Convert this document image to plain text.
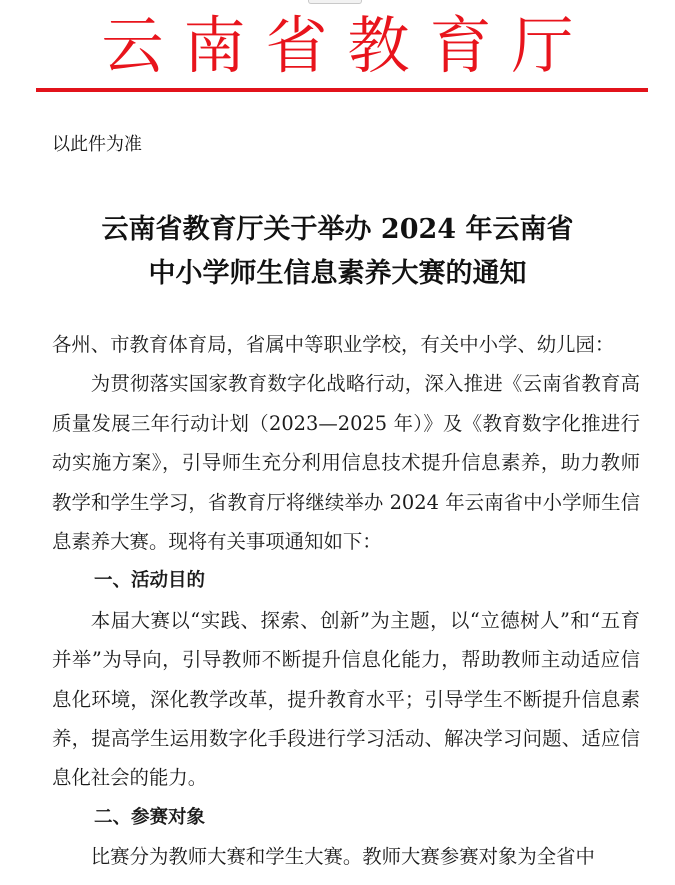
云南省教育厅
以此件为准
云南省教育厅关于举办 2024 年云南省
中小学师生信息素养大赛的通知

各州、市教育体育局，省属中等职业学校，有关中小学、幼儿园：

为贯彻落实国家教育数字化战略行动，深入推进《云南省教育高质量发展三年行动计划（2023—2025 年）》及《教育数字化推进行动实施方案》，引导师生充分利用信息技术提升信息素养，助力教师教学和学生学习，省教育厅将继续举办 2024 年云南省中小学师生信息素养大赛。现将有关事项通知如下：

一、活动目的

本届大赛以“实践、探索、创新”为主题，以“立德树人”和“五育并举”为导向，引导教师不断提升信息化能力，帮助教师主动适应信息化环境，深化教学改革，提升教育水平；引导学生不断提升信息素养，提高学生运用数字化手段进行学习活动、解决学习问题、适应信息化社会的能力。

二、参赛对象

比赛分为教师大赛和学生大赛。教师大赛参赛对象为全省中
